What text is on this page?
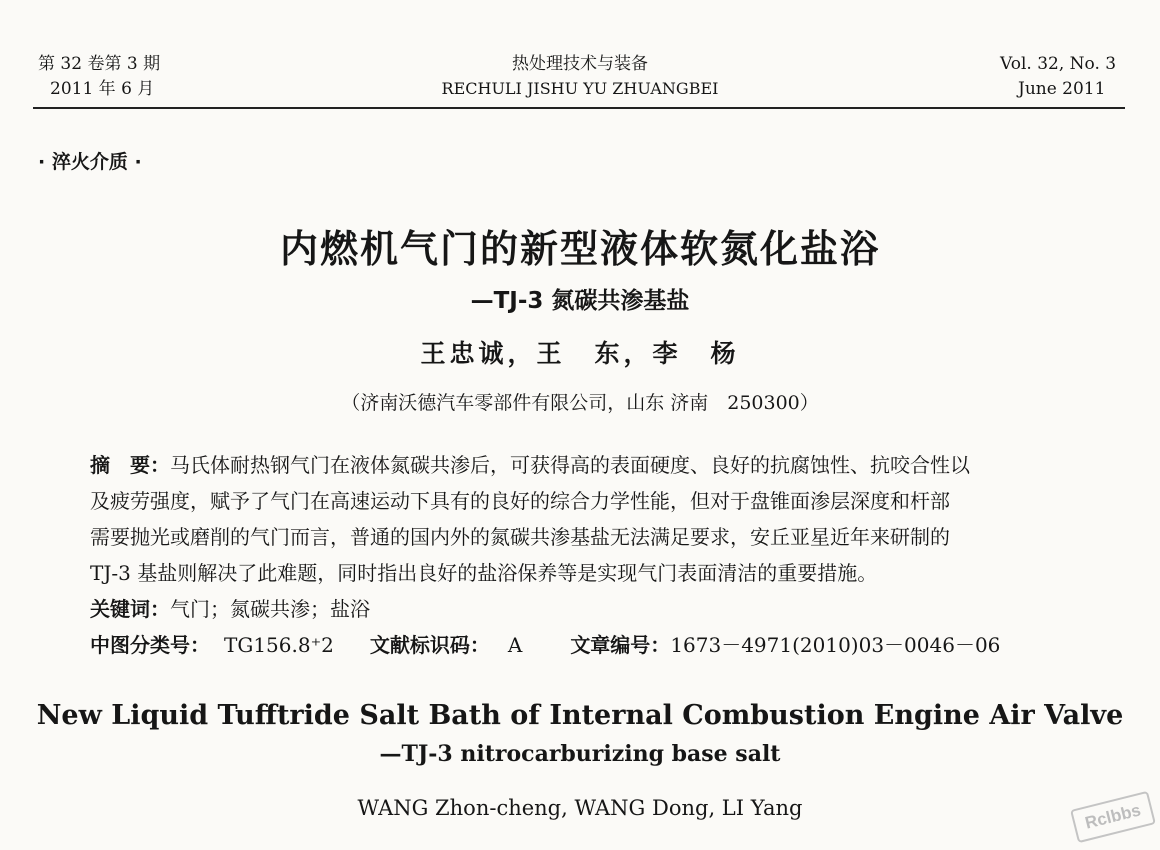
第 32 卷第 3 期
2011 年 6 月
热处理技术与装备
RECHULI JISHU YU ZHUANGBEI
Vol. 32, No. 3
June 2011
· 淬火介质 ·
内燃机气门的新型液体软氮化盐浴
—TJ-3 氮碳共渗基盐
王忠诚，王　东，李　杨
（济南沃德汽车零部件有限公司，山东 济南　250300）

摘　要：马氏体耐热钢气门在液体氮碳共渗后，可获得高的表面硬度、良好的抗腐蚀性、抗咬合性以

及疲劳强度，赋予了气门在高速运动下具有的良好的综合力学性能，但对于盘锥面渗层深度和杆部

需要抛光或磨削的气门而言，普通的国内外的氮碳共渗基盐无法满足要求，安丘亚星近年来研制的

TJ-3 基盐则解决了此难题，同时指出良好的盐浴保养等是实现气门表面清洁的重要措施。

关键词：气门；氮碳共渗；盐浴

中图分类号： TG156.8⁺2 文献标识码： A 文章编号：1673－4971(2010)03－0046－06

New Liquid Tufftride Salt Bath of Internal Combustion Engine Air Valve
—TJ-3 nitrocarburizing base salt
WANG Zhon-cheng, WANG Dong, LI Yang	Rclbbs
